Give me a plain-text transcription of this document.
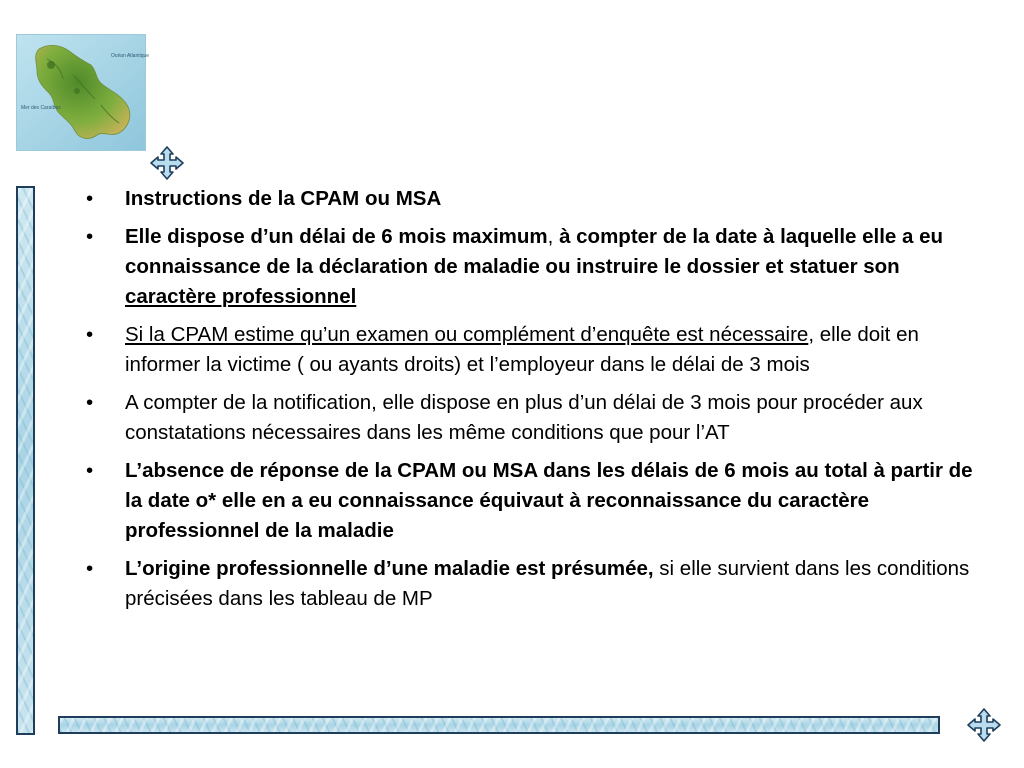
Mer des Caraïbes
Océan Atlantique
•	Instructions de la CPAM ou MSA
•	Elle dispose d’un délai de 6 mois maximum, à compter de la date à laquelle elle a eu connaissance de la déclaration de maladie ou instruire le dossier et statuer son caractère professionnel
•	Si la CPAM estime qu’un examen ou complément d’enquête est nécessaire, elle doit en informer la victime ( ou ayants droits) et l’employeur dans le délai de 3 mois
•	A compter de la notification, elle dispose en plus d’un délai de 3 mois pour procéder aux constatations nécessaires dans les même conditions que pour l’AT
•	L’absence de réponse de la CPAM ou MSA dans les délais de 6 mois au total à partir de la date o* elle en a eu connaissance équivaut à reconnaissance du caractère professionnel de la maladie
•	L’origine professionnelle d’une maladie est présumée, si elle survient dans les conditions précisées dans les tableau de MP
